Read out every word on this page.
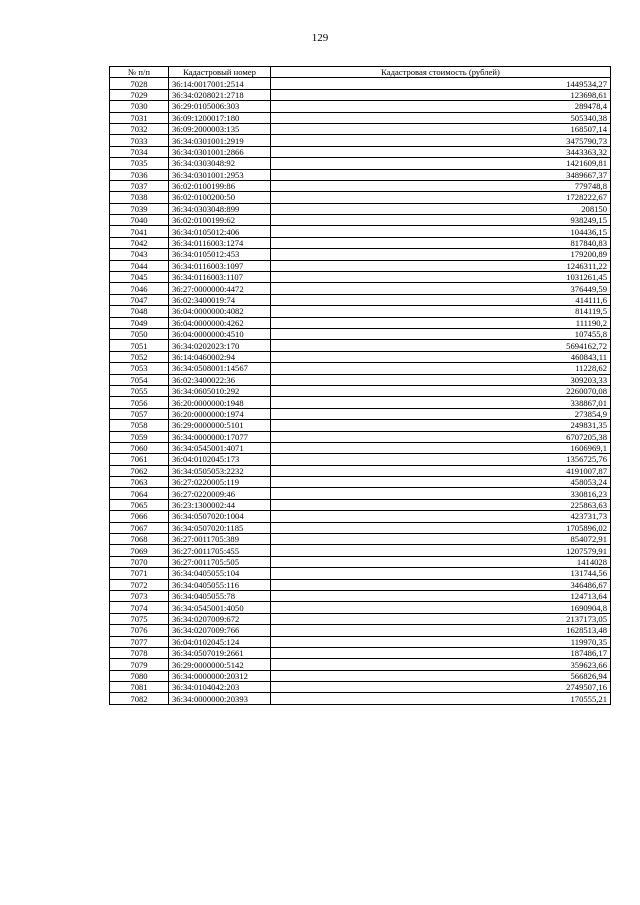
129
№ п/п	Кадастровый номер	Кадастровая стоимость (рублей)
7028	36:14:0017001:2514	1449534,27
7029	36:34:0208021:2718	123698,61
7030	36:29:0105006:303	289478,4
7031	36:09:1200017:180	505340,38
7032	36:09:2000003:135	168507,14
7033	36:34:0301001:2919	3475790,73
7034	36:34:0301001:2866	3443363,32
7035	36:34:0303048:92	1421609,81
7036	36:34:0301001:2953	3489667,37
7037	36:02:0100199:86	779748,8
7038	36:02:0100200:50	1728222,67
7039	36:34:0303048:899	208150
7040	36:02:0100199:62	938249,15
7041	36:34:0105012:406	104436,15
7042	36:34:0116003:1274	817840,83
7043	36:34:0105012:453	179200,89
7044	36:34:0116003:1097	1246311,22
7045	36:34:0116003:1107	1031261,45
7046	36:27:0000000:4472	376449,59
7047	36:02:3400019:74	414111,6
7048	36:04:0000000:4082	814119,5
7049	36:04:0000000:4262	111190,2
7050	36:04:0000000:4510	107455,8
7051	36:34:0202023:170	5694162,72
7052	36:14:0460002:94	460843,11
7053	36:34:0508001:14567	11228,62
7054	36:02:3400022:36	309203,33
7055	36:34:0605010:292	2260070,08
7056	36:20:0000000:1948	338867,01
7057	36:20:0000000:1974	273854,9
7058	36:29:0000000:5101	249831,35
7059	36:34:0000000:17077	6707205,38
7060	36:34:0545001:4071	1606969,1
7061	36:04:0102045:173	1356725,76
7062	36:34:0505053:2232	4191007,87
7063	36:27:0220005:119	458053,24
7064	36:27:0220009:46	330816,23
7065	36:23:1300002:44	225863,63
7066	36:34:0507020:1004	423731,73
7067	36:34:0507020:1185	1705896,02
7068	36:27:0011705:389	854072,91
7069	36:27:0011705:455	1207579,91
7070	36:27:0011705:505	1414028
7071	36:34:0405055:104	131744,56
7072	36:34:0405055:116	346486,67
7073	36:34:0405055:78	124713,64
7074	36:34:0545001:4050	1690904,8
7075	36:34:0207009:672	2137173,05
7076	36:34:0207009:766	1628513,48
7077	36:04:0102045:124	119970,35
7078	36:34:0507019:2661	187486,17
7079	36:29:0000000:5142	359623,66
7080	36:34:0000000:20312	566826,94
7081	36:34:0104042:203	2749507,16
7082	36:34:0000000:20393	170555,21
